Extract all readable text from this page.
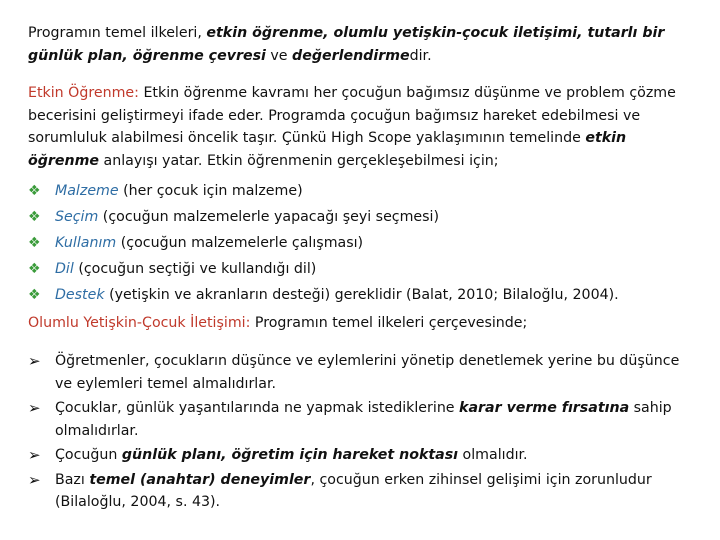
Programın temel ilkeleri, etkin öğrenme, olumlu yetişkin-çocuk iletişimi, tutarlı bir günlük plan, öğrenme çevresi ve değerlendirmedir.

Etkin Öğrenme: Etkin öğrenme kavramı her çocuğun bağımsız düşünme ve problem çözme becerisini geliştirmeyi ifade eder. Programda çocuğun bağımsız hareket edebilmesi ve sorumluluk alabilmesi öncelik taşır. Çünkü High Scope yaklaşımının temelinde etkin öğrenme anlayışı yatar. Etkin öğrenmenin gerçekleşebilmesi için;

❖ Malzeme (her çocuk için malzeme)
❖ Seçim (çocuğun malzemelerle yapacağı şeyi seçmesi)
❖ Kullanım (çocuğun malzemelerle çalışması)
❖ Dil (çocuğun seçtiği ve kullandığı dil)
❖ Destek (yetişkin ve akranların desteği) gereklidir (Balat, 2010; Bilaloğlu, 2004).

Olumlu Yetişkin-Çocuk İletişimi: Programın temel ilkeleri çerçevesinde;

➢ Öğretmenler, çocukların düşünce ve eylemlerini yönetip denetlemek yerine bu düşünce ve eylemleri temel almalıdırlar.
➢ Çocuklar, günlük yaşantılarında ne yapmak istediklerine karar verme fırsatına sahip olmalıdırlar.
➢ Çocuğun günlük planı, öğretim için hareket noktası olmalıdır.
➢ Bazı temel (anahtar) deneyimler, çocuğun erken zihinsel gelişimi için zorunludur (Bilaloğlu, 2004, s. 43).
